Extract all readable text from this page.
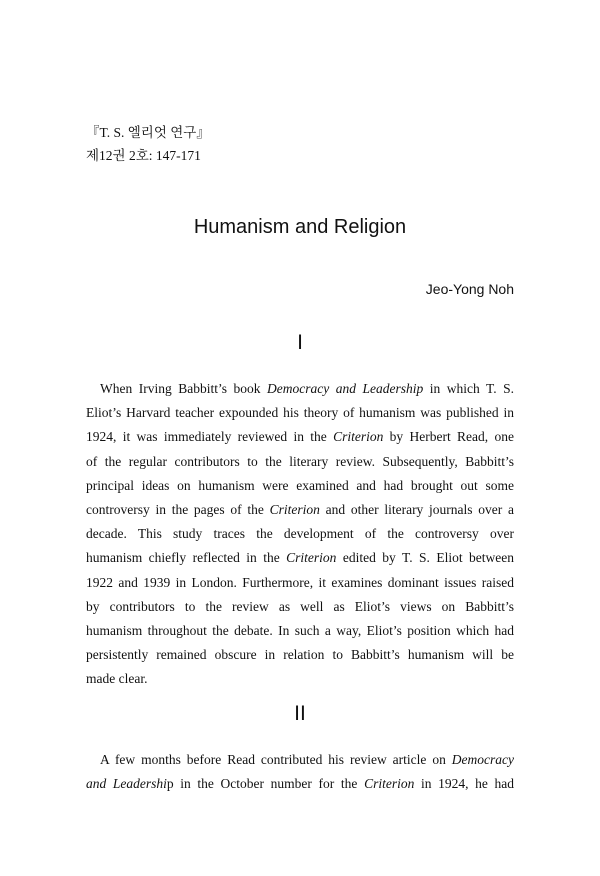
『T. S. 엘리엇 연구』
제12권 2호: 147-171
Humanism and Religion
Jeo-Yong Noh
I
When Irving Babbitt’s book Democracy and Leadership in which T. S.
Eliot’s Harvard teacher expounded his theory of humanism was published in
1924, it was immediately reviewed in the Criterion by Herbert Read, one
of the regular contributors to the literary review. Subsequently, Babbitt’s
principal ideas on humanism were examined and had brought out some
controversy in the pages of the Criterion and other literary journals over a
decade. This study traces the development of the controversy over
humanism chiefly reflected in the Criterion edited by T. S. Eliot between
1922 and 1939 in London. Furthermore, it examines dominant issues raised
by contributors to the review as well as Eliot’s views on Babbitt’s
humanism throughout the debate. In such a way, Eliot’s position which had
persistently remained obscure in relation to Babbitt’s humanism will be
made clear.
II
A few months before Read contributed his review article on Democracy
and Leadership in the October number for the Criterion in 1924, he had
